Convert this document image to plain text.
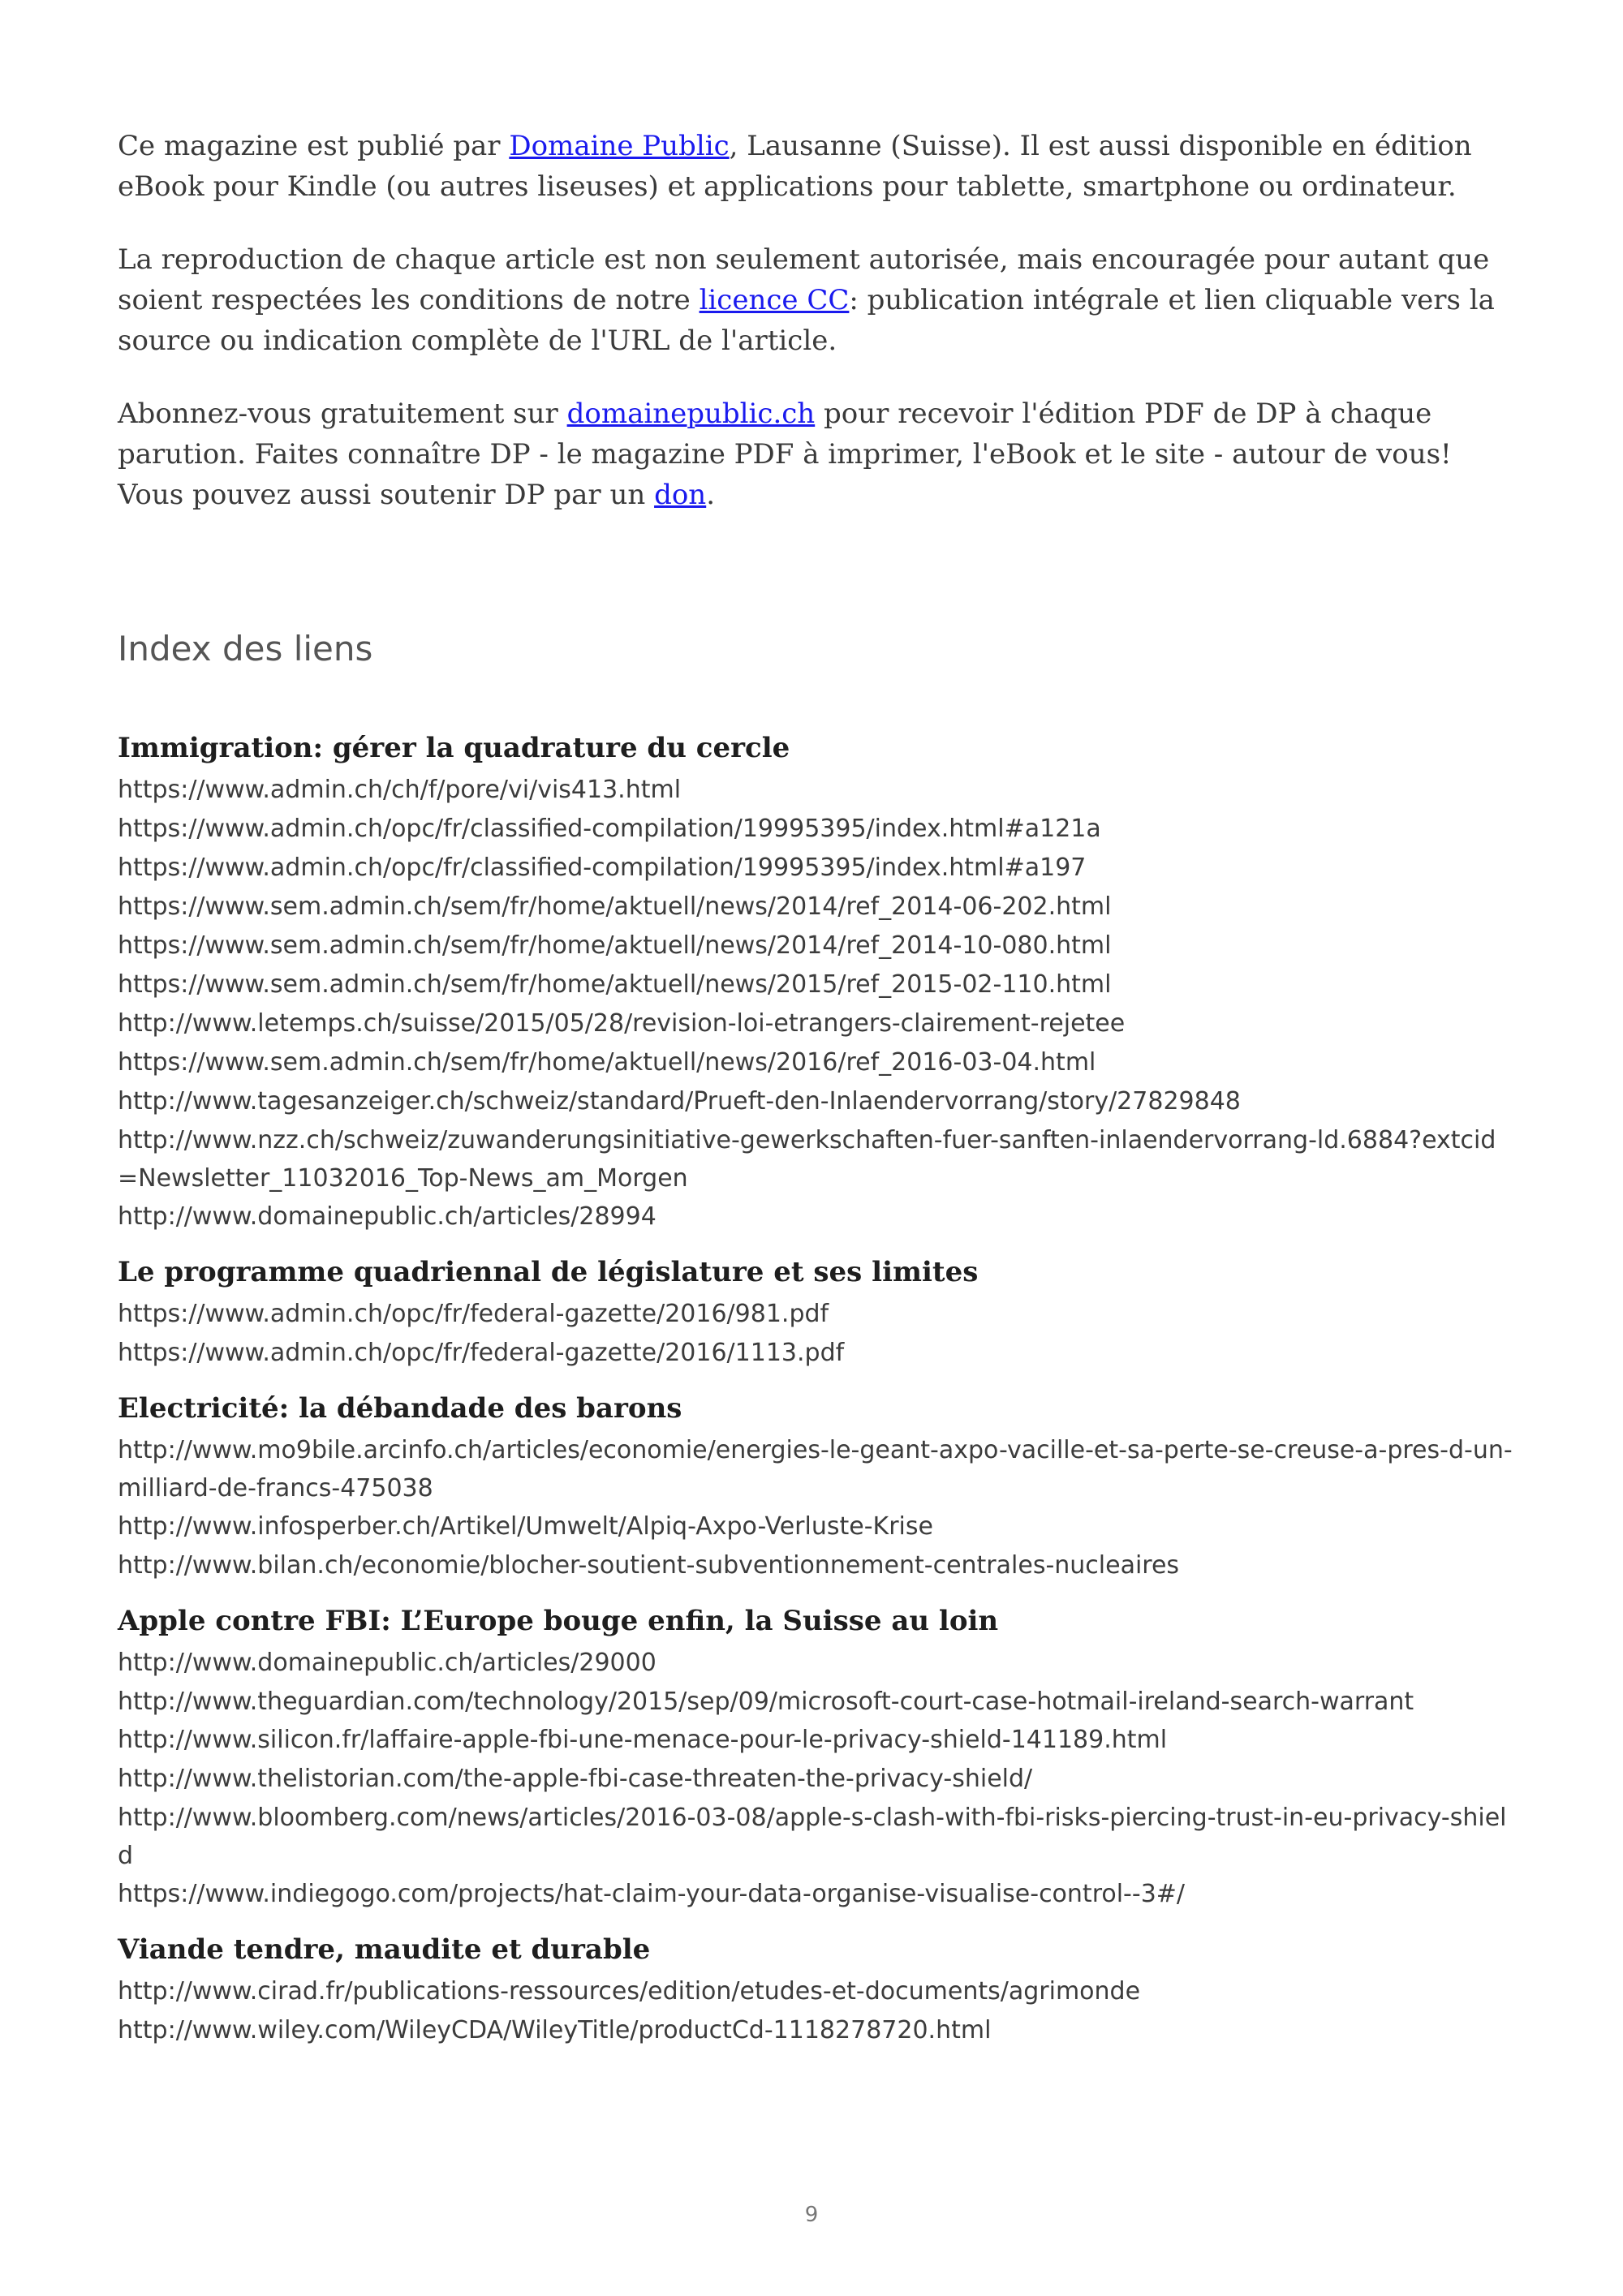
Ce magazine est publié par Domaine Public, Lausanne (Suisse). Il est aussi disponible en édition eBook pour Kindle (ou autres liseuses) et applications pour tablette, smartphone ou ordinateur.

La reproduction de chaque article est non seulement autorisée, mais encouragée pour autant que soient respectées les conditions de notre licence CC: publication intégrale et lien cliquable vers la source ou indication complète de l'URL de l'article.

Abonnez-vous gratuitement sur domainepublic.ch pour recevoir l'édition PDF de DP à chaque parution. Faites connaître DP - le magazine PDF à imprimer, l'eBook et le site - autour de vous! Vous pouvez aussi soutenir DP par un don.

Index des liens
Immigration: gérer la quadrature du cercle

https://www.admin.ch/ch/f/pore/vi/vis413.html

https://www.admin.ch/opc/fr/classified-compilation/19995395/index.html#a121a

https://www.admin.ch/opc/fr/classified-compilation/19995395/index.html#a197

https://www.sem.admin.ch/sem/fr/home/aktuell/news/2014/ref_2014-06-202.html

https://www.sem.admin.ch/sem/fr/home/aktuell/news/2014/ref_2014-10-080.html

https://www.sem.admin.ch/sem/fr/home/aktuell/news/2015/ref_2015-02-110.html

http://www.letemps.ch/suisse/2015/05/28/revision-loi-etrangers-clairement-rejetee

https://www.sem.admin.ch/sem/fr/home/aktuell/news/2016/ref_2016-03-04.html

http://www.tagesanzeiger.ch/schweiz/standard/Prueft-den-Inlaendervorrang/story/27829848

http://www.nzz.ch/schweiz/zuwanderungsinitiative-gewerkschaften-fuer-sanften-inlaendervorrang-ld.6884?extcid=Newsletter_11032016_Top-News_am_Morgen

http://www.domainepublic.ch/articles/28994

Le programme quadriennal de législature et ses limites

https://www.admin.ch/opc/fr/federal-gazette/2016/981.pdf

https://www.admin.ch/opc/fr/federal-gazette/2016/1113.pdf

Electricité: la débandade des barons

http://www.mo9bile.arcinfo.ch/articles/economie/energies-le-geant-axpo-vacille-et-sa-perte-se-creuse-a-pres-d-un-milliard-de-francs-475038

http://www.infosperber.ch/Artikel/Umwelt/Alpiq-Axpo-Verluste-Krise

http://www.bilan.ch/economie/blocher-soutient-subventionnement-centrales-nucleaires

Apple contre FBI: L’Europe bouge enfin, la Suisse au loin

http://www.domainepublic.ch/articles/29000

http://www.theguardian.com/technology/2015/sep/09/microsoft-court-case-hotmail-ireland-search-warrant

http://www.silicon.fr/laffaire-apple-fbi-une-menace-pour-le-privacy-shield-141189.html

http://www.thelistorian.com/the-apple-fbi-case-threaten-the-privacy-shield/

http://www.bloomberg.com/news/articles/2016-03-08/apple-s-clash-with-fbi-risks-piercing-trust-in-eu-privacy-shield

https://www.indiegogo.com/projects/hat-claim-your-data-organise-visualise-control--3#/

Viande tendre, maudite et durable

http://www.cirad.fr/publications-ressources/edition/etudes-et-documents/agrimonde

http://www.wiley.com/WileyCDA/WileyTitle/productCd-1118278720.html

9
